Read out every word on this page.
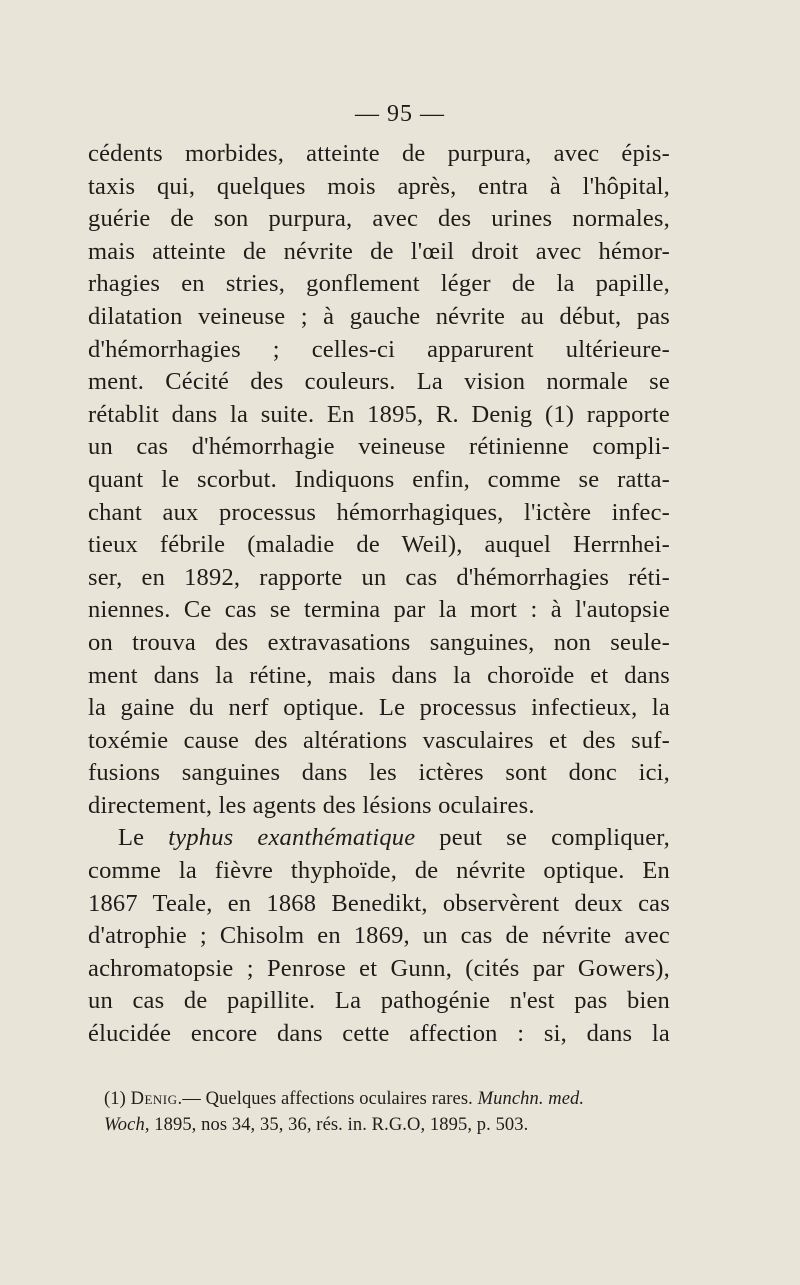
— 95 —

cédents morbides, atteinte de purpura, avec épis-
taxis qui, quelques mois après, entra à l'hôpital,
guérie de son purpura, avec des urines normales,
mais atteinte de névrite de l'œil droit avec hémor-
rhagies en stries, gonflement léger de la papille,
dilatation veineuse ; à gauche névrite au début, pas
d'hémorrhagies ; celles-ci apparurent ultérieure-
ment. Cécité des couleurs. La vision normale se
rétablit dans la suite. En 1895, R. Denig (1) rapporte
un cas d'hémorrhagie veineuse rétinienne compli-
quant le scorbut. Indiquons enfin, comme se ratta-
chant aux processus hémorrhagiques, l'ictère infec-
tieux fébrile (maladie de Weil), auquel Herrnhei-
ser, en 1892, rapporte un cas d'hémorrhagies réti-
niennes. Ce cas se termina par la mort : à l'autopsie
on trouva des extravasations sanguines, non seule-
ment dans la rétine, mais dans la choroïde et dans
la gaine du nerf optique. Le processus infectieux, la
toxémie cause des altérations vasculaires et des suf-
fusions sanguines dans les ictères sont donc ici,
directement, les agents des lésions oculaires.
Le typhus exanthématique peut se compliquer,
comme la fièvre thyphoïde, de névrite optique. En
1867 Teale, en 1868 Benedikt, observèrent deux cas
d'atrophie ; Chisolm en 1869, un cas de névrite avec
achromatopsie ; Penrose et Gunn, (cités par Gowers),
un cas de papillite. La pathogénie n'est pas bien
élucidée encore dans cette affection : si, dans la
(1) Denig.— Quelques affections oculaires rares. Munchn. med.
Woch, 1895, nos 34, 35, 36, rés. in. R.G.O, 1895, p. 503.
